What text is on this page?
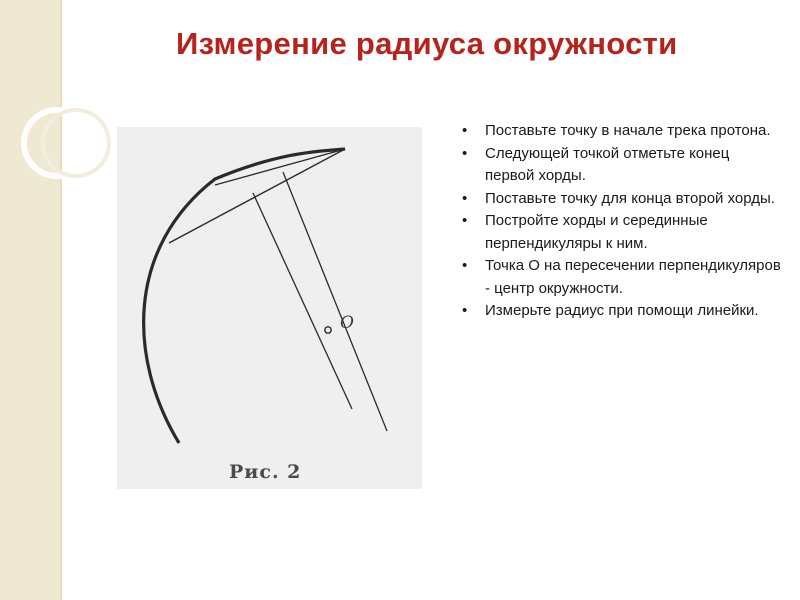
Измерение радиуса окружности
O
Рис. 2
• Поставьте точку в начале трека протона.
• Следующей точкой отметьте конец первой хорды.
• Поставьте точку для конца второй хорды.
• Постройте хорды и серединные перпендикуляры к ним.
• Точка О на пересечении перпендикуляров - центр окружности.
• Измерьте радиус при помощи линейки.
